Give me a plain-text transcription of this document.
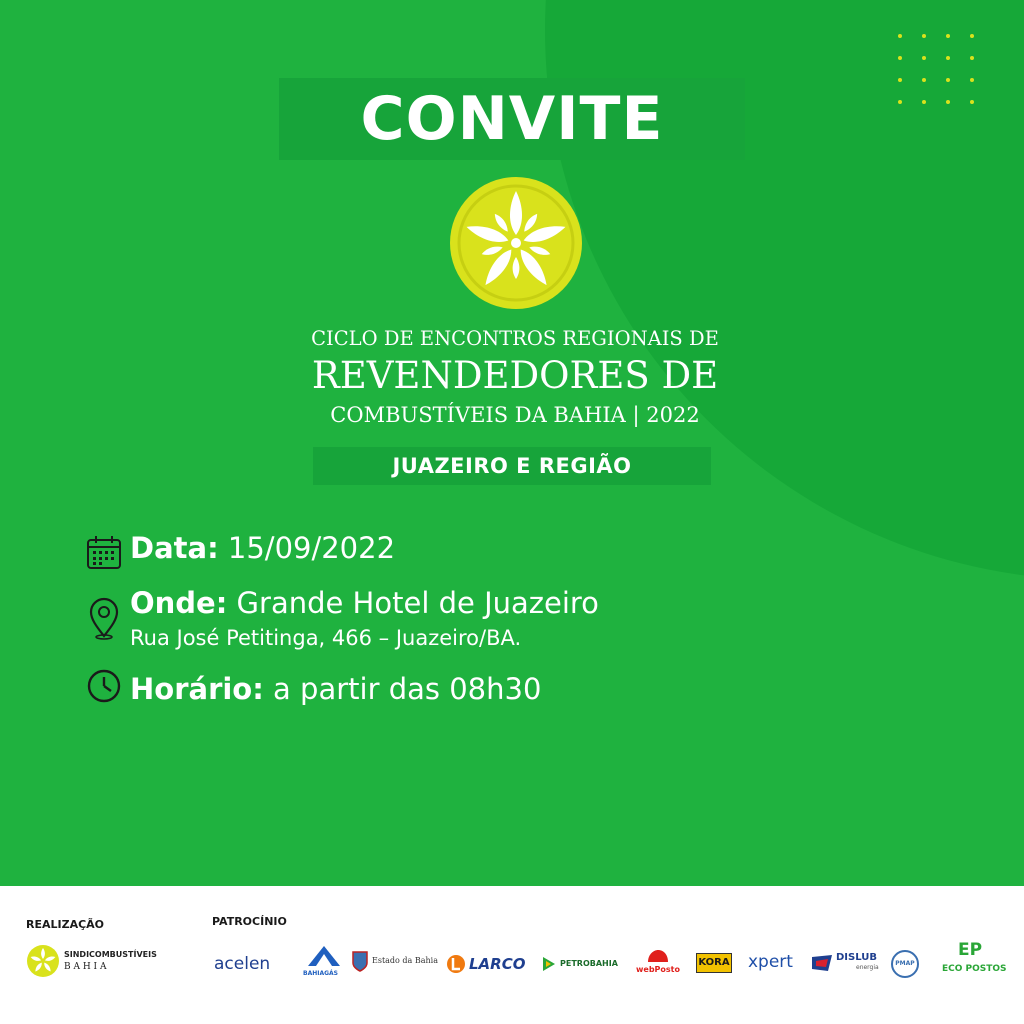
CONVITE
CICLO DE ENCONTROS REGIONAIS DE
REVENDEDORES DE
COMBUSTÍVEIS DA BAHIA | 2022
JUAZEIRO E REGIÃO
Data: 15/09/2022
Onde: Grande Hotel de Juazeiro
Rua José Petitinga, 466 – Juazeiro/BA.
Horário: a partir das 08h30
REALIZAÇÃO	PATROCÍNIO
SINDICOMBUSTÍVEIS
B A H I A	acelen	BAHIAGÁS
Estado da Bahia LARCO	PETROBAHIA
webPosto
KORA xpert	DISLUB
energia
PMAP
EP
ECO POSTOS
